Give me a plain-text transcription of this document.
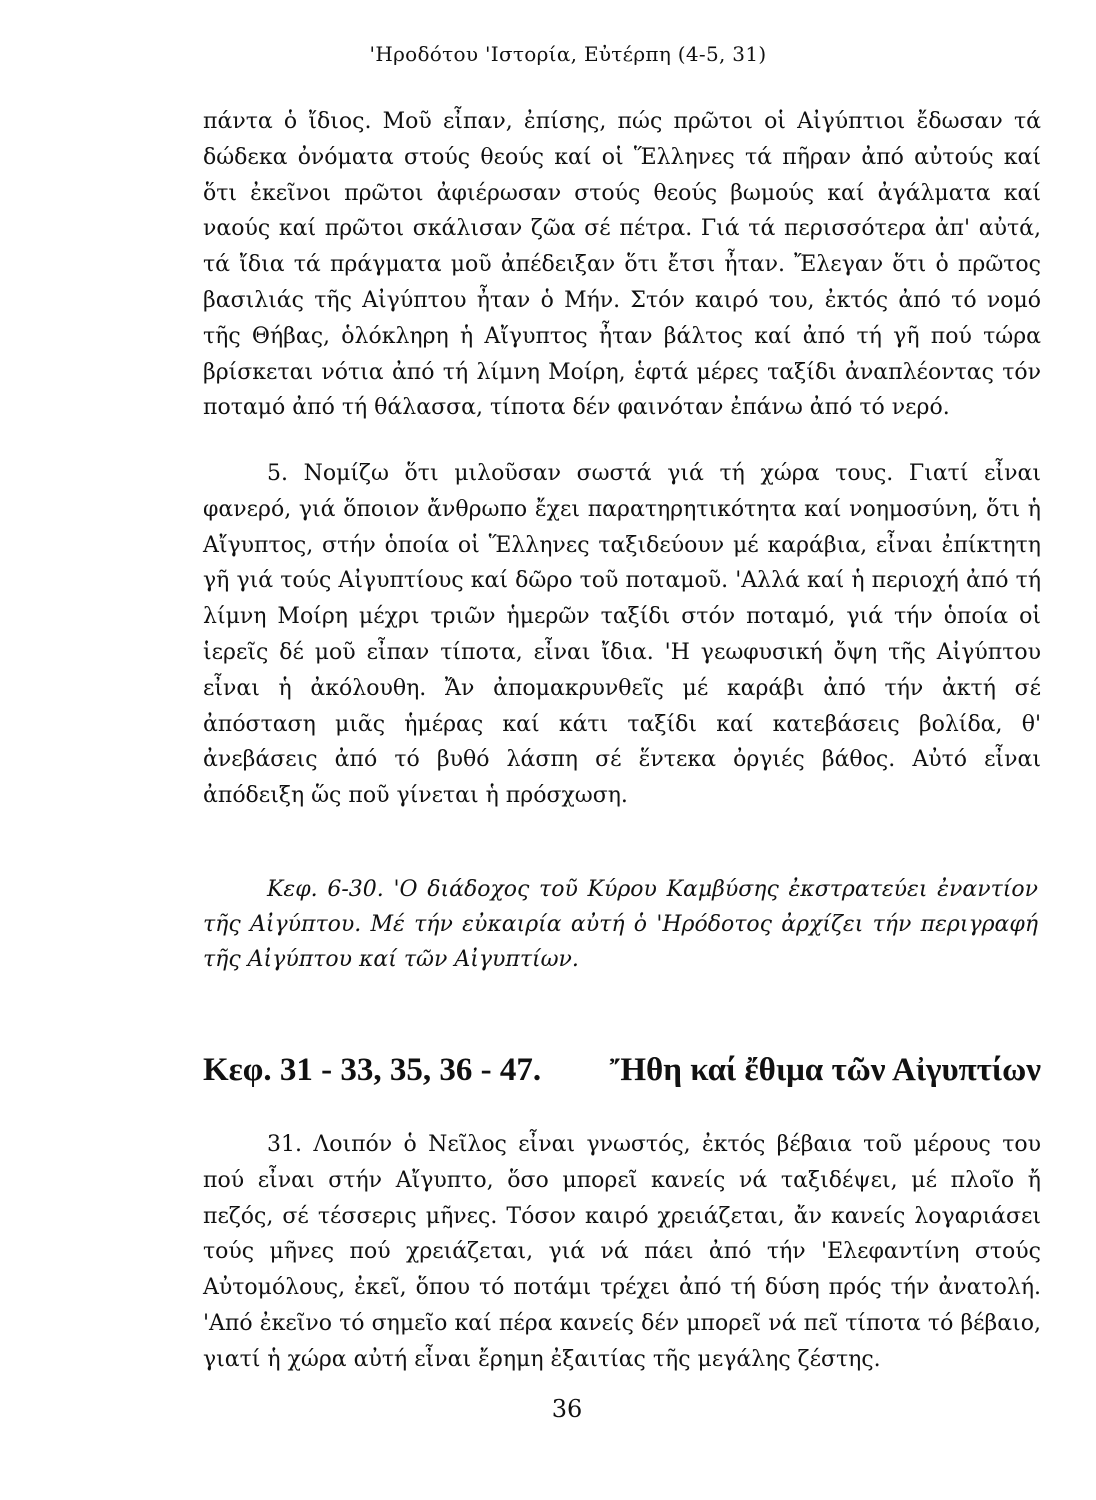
'Ηροδότου 'Ιστορία, Εὐτέρπη (4-5, 31)

πάντα ὁ ἴδιος. Μοῦ εἶπαν, ἐπίσης, πώς πρῶτοι οἱ Αἰγύπτιοι ἔδωσαν τά δώδεκα ὀνόματα στούς θεούς καί οἱ Ἕλληνες τά πῆραν ἀπό αὐτούς καί ὅτι ἐκεῖνοι πρῶτοι ἀφιέρωσαν στούς θεούς βωμούς καί ἀγάλματα καί ναούς καί πρῶτοι σκάλισαν ζῶα σέ πέτρα. Γιά τά περισσότερα ἀπ' αὐτά, τά ἴδια τά πράγματα μοῦ ἀπέδειξαν ὅτι ἔτσι ἦταν. Ἔλεγαν ὅτι ὁ πρῶτος βασιλιάς τῆς Αἰγύπτου ἦταν ὁ Μήν. Στόν καιρό του, ἐκτός ἀπό τό νομό τῆς Θήβας, ὁλόκληρη ἡ Αἴγυπτος ἦταν βάλτος καί ἀπό τή γῆ πού τώρα βρίσκεται νότια ἀπό τή λίμνη Μοίρη, ἑφτά μέρες ταξίδι ἀναπλέοντας τόν ποταμό ἀπό τή θάλασσα, τίποτα δέν φαινόταν ἐπάνω ἀπό τό νερό.

5. Νομίζω ὅτι μιλοῦσαν σωστά γιά τή χώρα τους. Γιατί εἶναι φανερό, γιά ὅποιον ἄνθρωπο ἔχει παρατηρητικότητα καί νοημοσύνη, ὅτι ἡ Αἴγυπτος, στήν ὁποία οἱ Ἕλληνες ταξιδεύουν μέ καράβια, εἶναι ἐπίκτητη γῆ γιά τούς Αἰγυπτίους καί δῶρο τοῦ ποταμοῦ. 'Αλλά καί ἡ περιοχή ἀπό τή λίμνη Μοίρη μέχρι τριῶν ἡμερῶν ταξίδι στόν ποταμό, γιά τήν ὁποία οἱ ἱερεῖς δέ μοῦ εἶπαν τίποτα, εἶναι ἴδια. 'Η γεωφυσική ὄψη τῆς Αἰγύπτου εἶναι ἡ ἀκόλουθη. Ἄν ἀπομακρυνθεῖς μέ καράβι ἀπό τήν ἀκτή σέ ἀπόσταση μιᾶς ἡμέρας καί κάτι ταξίδι καί κατεβάσεις βολίδα, θ' ἀνεβάσεις ἀπό τό βυθό λάσπη σέ ἕντεκα ὀργιές βάθος. Αὐτό εἶναι ἀπόδειξη ὥς ποῦ γίνεται ἡ πρόσχωση.

Κεφ. 6-30. 'Ο διάδοχος τοῦ Κύρου Καμβύσης ἐκστρατεύει ἐναντίον τῆς Αἰγύπτου. Μέ τήν εὐκαιρία αὐτή ὁ 'Ηρόδοτος ἀρχίζει τήν περιγραφή τῆς Αἰγύπτου καί τῶν Αἰγυπτίων.
Κεφ. 31 - 33, 35, 36 - 47. Ἤθη καί ἔθιμα τῶν Αἰγυπτίων

31. Λοιπόν ὁ Νεῖλος εἶναι γνωστός, ἐκτός βέβαια τοῦ μέρους του πού εἶναι στήν Αἴγυπτο, ὅσο μπορεῖ κανείς νά ταξιδέψει, μέ πλοῖο ἤ πεζός, σέ τέσσερις μῆνες. Τόσον καιρό χρειάζεται, ἄν κανείς λογαριάσει τούς μῆνες πού χρειάζεται, γιά νά πάει ἀπό τήν 'Ελεφαντίνη στούς Αὐτομόλους, ἐκεῖ, ὅπου τό ποτάμι τρέχει ἀπό τή δύση πρός τήν ἀνατολή. 'Από ἐκεῖνο τό σημεῖο καί πέρα κανείς δέν μπορεῖ νά πεῖ τίποτα τό βέβαιο, γιατί ἡ χώρα αὐτή εἶναι ἔρημη ἐξαιτίας τῆς μεγάλης ζέστης.

36
